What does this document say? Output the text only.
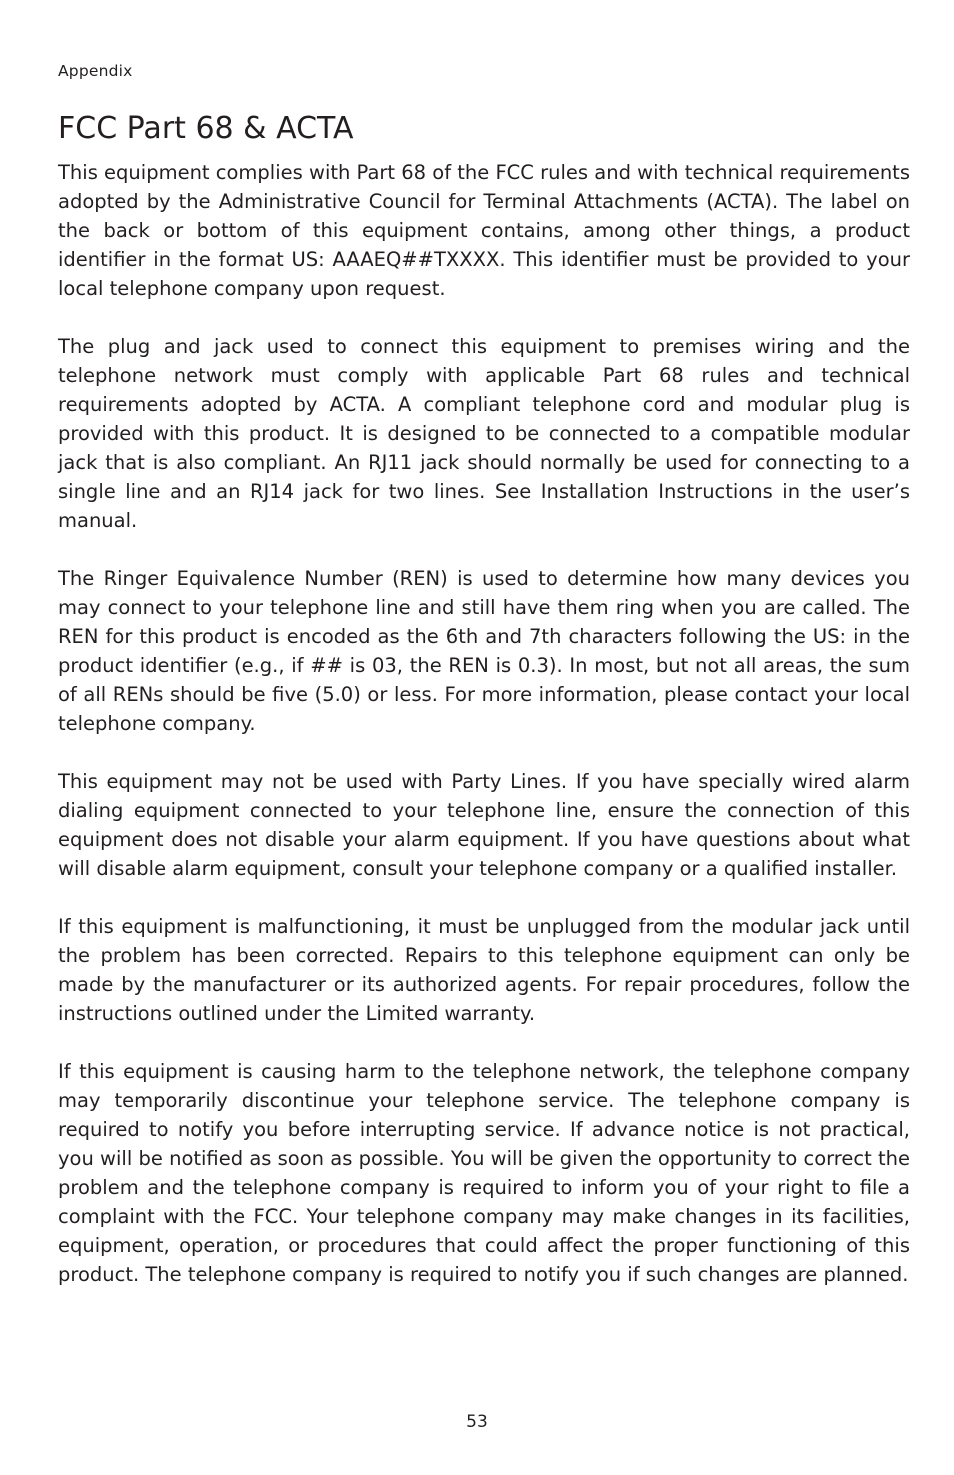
Appendix
FCC Part 68 & ACTA

This equipment complies with Part 68 of the FCC rules and with technical requirements adopted by the Administrative Council for Terminal Attachments (ACTA). The label on the back or bottom of this equipment contains, among other things, a product identifier in the format US: AAAEQ##TXXXX. This identifier must be provided to your local telephone company upon request.

The plug and jack used to connect this equipment to premises wiring and the telephone network must comply with applicable Part 68 rules and technical requirements adopted by ACTA. A compliant telephone cord and modular plug is provided with this product. It is designed to be connected to a compatible modular jack that is also compliant. An RJ11 jack should normally be used for connecting to a single line and an RJ14 jack for two lines. See Installation Instructions in the user’s manual.

The Ringer Equivalence Number (REN) is used to determine how many devices you may connect to your telephone line and still have them ring when you are called. The REN for this product is encoded as the 6th and 7th characters following the US: in the product identifier (e.g., if ## is 03, the REN is 0.3). In most, but not all areas, the sum of all RENs should be five (5.0) or less. For more information, please contact your local telephone company.

This equipment may not be used with Party Lines. If you have specially wired alarm dialing equipment connected to your telephone line, ensure the connection of this equipment does not disable your alarm equipment. If you have questions about what will disable alarm equipment, consult your telephone company or a qualified installer.

If this equipment is malfunctioning, it must be unplugged from the modular jack until the problem has been corrected. Repairs to this telephone equipment can only be made by the manufacturer or its authorized agents. For repair procedures, follow the instructions outlined under the Limited warranty.

If this equipment is causing harm to the telephone network, the telephone company may temporarily discontinue your telephone service. The telephone company is required to notify you before interrupting service. If advance notice is not practical, you will be notified as soon as possible. You will be given the opportunity to correct the problem and the telephone company is required to inform you of your right to file a complaint with the FCC. Your telephone company may make changes in its facilities, equipment, operation, or procedures that could affect the proper functioning of this product. The telephone company is required to notify you if such changes are planned.

53
